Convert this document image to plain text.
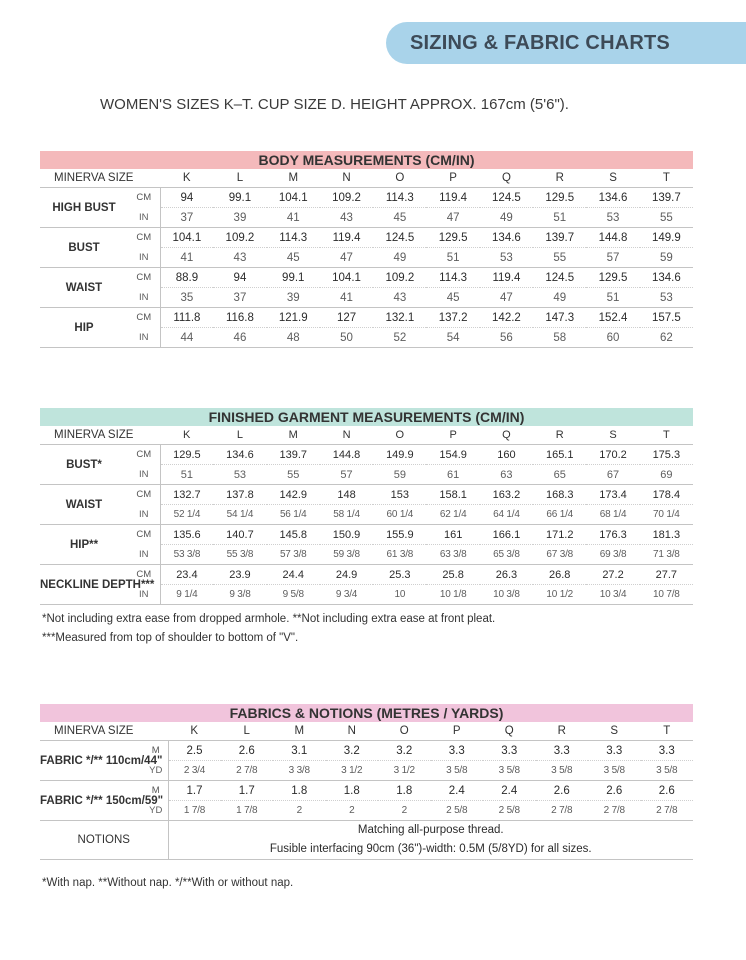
SIZING & FABRIC CHARTS
WOMEN'S SIZES K–T. CUP SIZE D. HEIGHT APPROX. 167cm (5'6").
BODY MEASUREMENTS (CM/IN)											
MINERVA SIZE		K	L	M	N	O	P	Q	R	S	T
HIGH BUST	CM	94	99.1	104.1	109.2	114.3	119.4	124.5	129.5	134.6	139.7
	IN	37	39	41	43	45	47	49	51	53	55
BUST	CM	104.1	109.2	114.3	119.4	124.5	129.5	134.6	139.7	144.8	149.9
	IN	41	43	45	47	49	51	53	55	57	59
WAIST	CM	88.9	94	99.1	104.1	109.2	114.3	119.4	124.5	129.5	134.6
	IN	35	37	39	41	43	45	47	49	51	53
HIP	CM	111.8	116.8	121.9	127	132.1	137.2	142.2	147.3	152.4	157.5
	IN	44	46	48	50	52	54	56	58	60	62
FINISHED GARMENT MEASUREMENTS (CM/IN)											
MINERVA SIZE		K	L	M	N	O	P	Q	R	S	T
BUST*	CM	129.5	134.6	139.7	144.8	149.9	154.9	160	165.1	170.2	175.3
	IN	51	53	55	57	59	61	63	65	67	69
WAIST	CM	132.7	137.8	142.9	148	153	158.1	163.2	168.3	173.4	178.4
	IN	52 1/4	54 1/4	56 1/4	58 1/4	60 1/4	62 1/4	64 1/4	66 1/4	68 1/4	70 1/4
HIP**	CM	135.6	140.7	145.8	150.9	155.9	161	166.1	171.2	176.3	181.3
	IN	53 3/8	55 3/8	57 3/8	59 3/8	61 3/8	63 3/8	65 3/8	67 3/8	69 3/8	71 3/8
NECKLINE DEPTH***	CM	23.4	23.9	24.4	24.9	25.3	25.8	26.3	26.8	27.2	27.7
	IN	9 1/4	9 3/8	9 5/8	9 3/4	10	10 1/8	10 3/8	10 1/2	10 3/4	10 7/8
*Not including extra ease from dropped armhole. **Not including extra ease at front pleat.
***Measured from top of shoulder to bottom of "V".
FABRICS & NOTIONS (METRES / YARDS)											
MINERVA SIZE		K	L	M	N	O	P	Q	R	S	T
FABRIC */** 110cm/44"	M	2.5	2.6	3.1	3.2	3.2	3.3	3.3	3.3	3.3	3.3
	YD	2 3/4	2 7/8	3 3/8	3 1/2	3 1/2	3 5/8	3 5/8	3 5/8	3 5/8	3 5/8
FABRIC */** 150cm/59"	M	1.7	1.7	1.8	1.8	1.8	2.4	2.4	2.6	2.6	2.6
	YD	1 7/8	1 7/8	2	2	2	2 5/8	2 5/8	2 7/8	2 7/8	2 7/8
NOTIONS		Matching all-purpose thread.
Fusible interfacing 90cm (36")-width: 0.5M (5/8YD) for all sizes.									
*With nap. **Without nap. */**With or without nap.
